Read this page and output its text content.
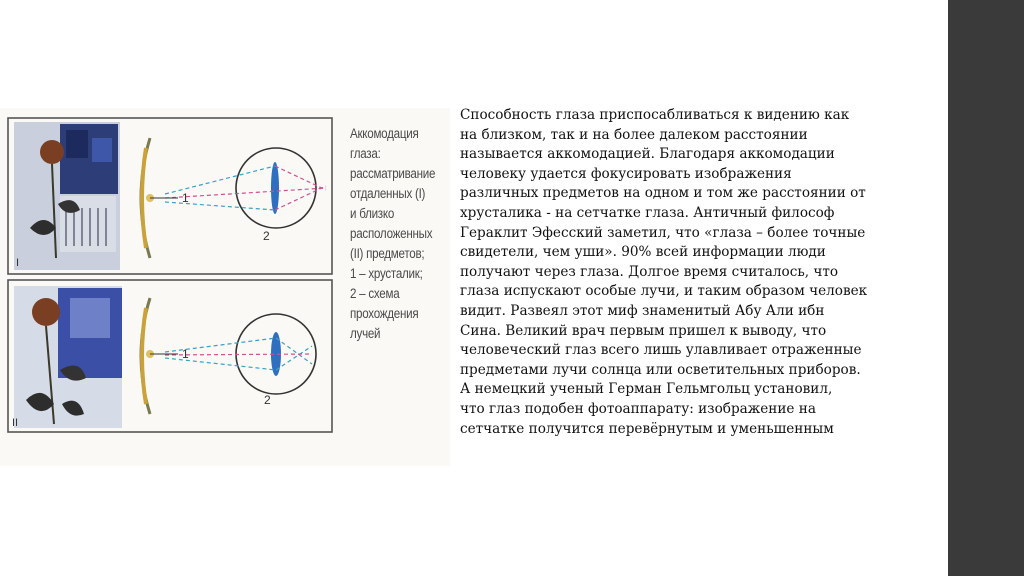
I
II
1
2
1
2
Аккомодация
глаза:
рассматривание
отдаленных (I)
и близко
расположенных
(II) предметов;
1 – хрусталик;
2 – схема
прохождения
лучей
Способность глаза приспосабливаться к видению как
на близком, так и на более далеком расстоянии
называется аккомодацией. Благодаря аккомодации
человеку удается фокусировать изображения
различных предметов на одном и том же расстоянии от
хрусталика - на сетчатке глаза. Античный философ
Гераклит Эфесский заметил, что «глаза – более точные
свидетели, чем уши». 90% всей информации люди
получают через глаза. Долгое время считалось, что
глаза испускают особые лучи, и таким образом человек
видит. Развеял этот миф знаменитый Абу Али ибн
Сина. Великий врач первым пришел к выводу, что
человеческий глаз всего лишь улавливает отраженные
предметами лучи солнца или осветительных приборов.
А немецкий ученый Герман Гельмгольц установил,
что глаз подобен фотоаппарату: изображение на
сетчатке получится перевёрнутым и уменьшенным
